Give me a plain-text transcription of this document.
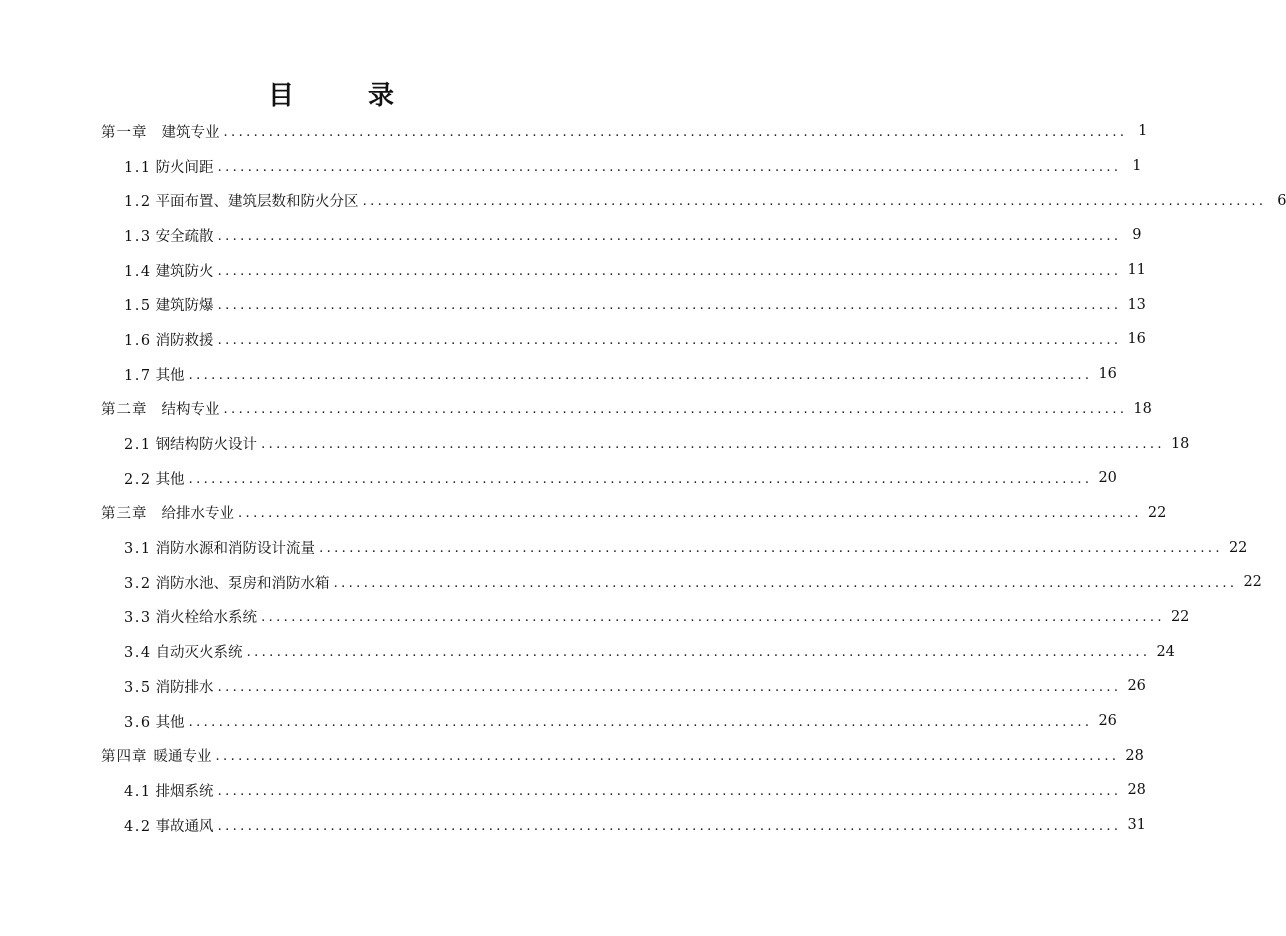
目　录
第一章 建筑专业 ........................................................................................................................ 1
1.1 防火间距 ........................................................................................................................ 1
1.2 平面布置、建筑层数和防火分区 ........................................................................................................................ 6
1.3 安全疏散 ........................................................................................................................ 9
1.4 建筑防火 ........................................................................................................................ 11
1.5 建筑防爆 ........................................................................................................................ 13
1.6 消防救援 ........................................................................................................................ 16
1.7 其他 ........................................................................................................................ 16
第二章 结构专业 ........................................................................................................................ 18
2.1 钢结构防火设计 ........................................................................................................................ 18
2.2 其他 ........................................................................................................................ 20
第三章 给排水专业 ........................................................................................................................ 22
3.1 消防水源和消防设计流量 ........................................................................................................................ 22
3.2 消防水池、泵房和消防水箱 ........................................................................................................................ 22
3.3 消火栓给水系统 ........................................................................................................................ 22
3.4 自动灭火系统 ........................................................................................................................ 24
3.5 消防排水 ........................................................................................................................ 26
3.6 其他 ........................................................................................................................ 26
第四章 暖通专业 ........................................................................................................................ 28
4.1 排烟系统 ........................................................................................................................ 28
4.2 事故通风 ........................................................................................................................ 31
